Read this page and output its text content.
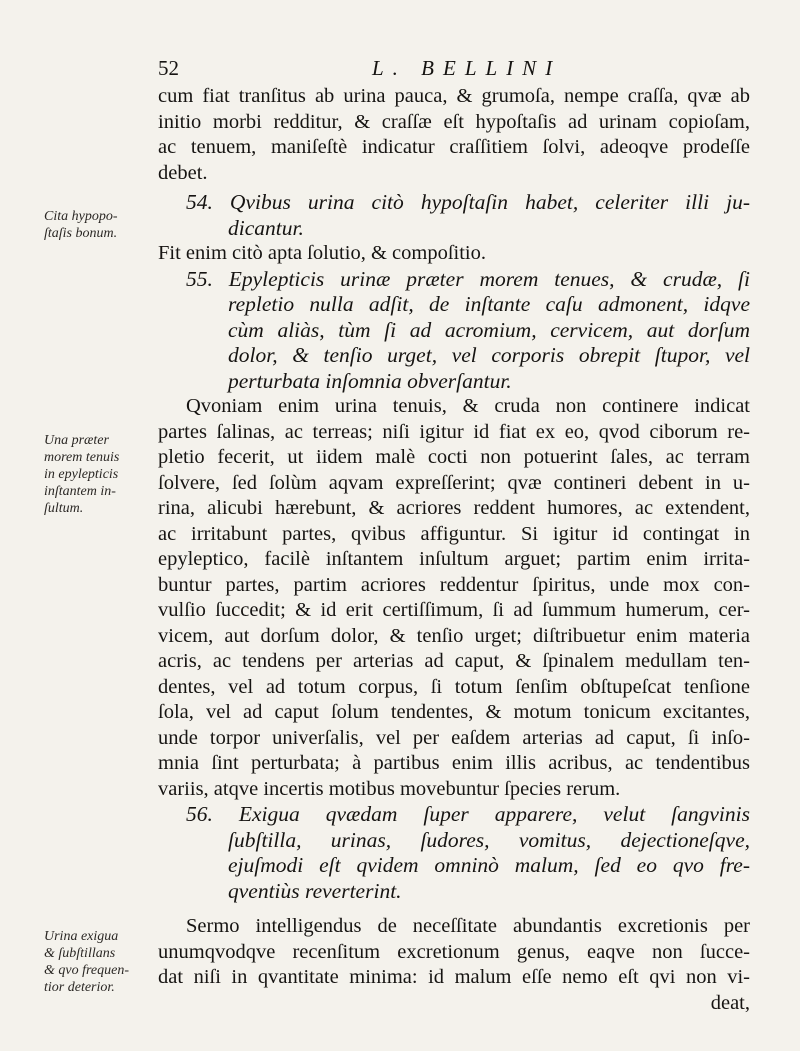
52	L. BELLINI
Cita hypopo-
ſtaſis bonum.
Una præter
morem tenuis
in epylepticis
inſtantem in-
ſultum.
Urina exigua
& ſubſtillans
& qvo frequen-
tior deterior.
cum fiat tranſitus ab urina pauca, & grumoſa, nempe craſſa, qvæ ab
initio morbi redditur, & craſſæ eſt hypoſtaſis ad urinam copioſam,
ac tenuem, maniſeſtè indicatur craſſitiem ſolvi, adeoqve prodeſſe
debet.
54. Qvibus urina citò hypoſtaſin habet, celeriter illi ju-
dicantur.
Fit enim citò apta ſolutio, & compoſitio.
55. Epylepticis urinæ præter morem tenues, & crudæ, ſi
repletio nulla adſit, de inſtante caſu admonent, idqve
cùm aliàs, tùm ſi ad acromium, cervicem, aut dorſum
dolor, & tenſio urget, vel corporis obrepit ſtupor, vel
perturbata inſomnia obverſantur.
Qvoniam enim urina tenuis, & cruda non continere indicat
partes ſalinas, ac terreas; niſi igitur id fiat ex eo, qvod ciborum re-
pletio fecerit, ut iidem malè cocti non potuerint ſales, ac terram
ſolvere, ſed ſolùm aqvam expreſſerint; qvæ contineri debent in u-
rina, alicubi hærebunt, & acriores reddent humores, ac extendent,
ac irritabunt partes, qvibus affiguntur. Si igitur id contingat in
epyleptico, facilè inſtantem inſultum arguet; partim enim irrita-
buntur partes, partim acriores reddentur ſpiritus, unde mox con-
vulſio ſuccedit; & id erit certiſſimum, ſi ad ſummum humerum, cer-
vicem, aut dorſum dolor, & tenſio urget; diſtribuetur enim materia
acris, ac tendens per arterias ad caput, & ſpinalem medullam ten-
dentes, vel ad totum corpus, ſi totum ſenſim obſtupeſcat tenſione
ſola, vel ad caput ſolum tendentes, & motum tonicum excitantes,
unde torpor univerſalis, vel per eaſdem arterias ad caput, ſi inſo-
mnia ſint perturbata; à partibus enim illis acribus, ac tendentibus
variis, atqve incertis motibus movebuntur ſpecies rerum.
56. Exigua qvædam ſuper apparere, velut ſangvinis
ſubſtilla, urinas, ſudores, vomitus, dejectioneſqve,
ejuſmodi eſt qvidem omninò malum, ſed eo qvo fre-
qventiùs reverterint.
Sermo intelligendus de neceſſitate abundantis excretionis per
unumqvodqve recenſitum excretionum genus, eaqve non ſucce-
dat niſi in qvantitate minima: id malum eſſe nemo eſt qvi non vi-
deat,
